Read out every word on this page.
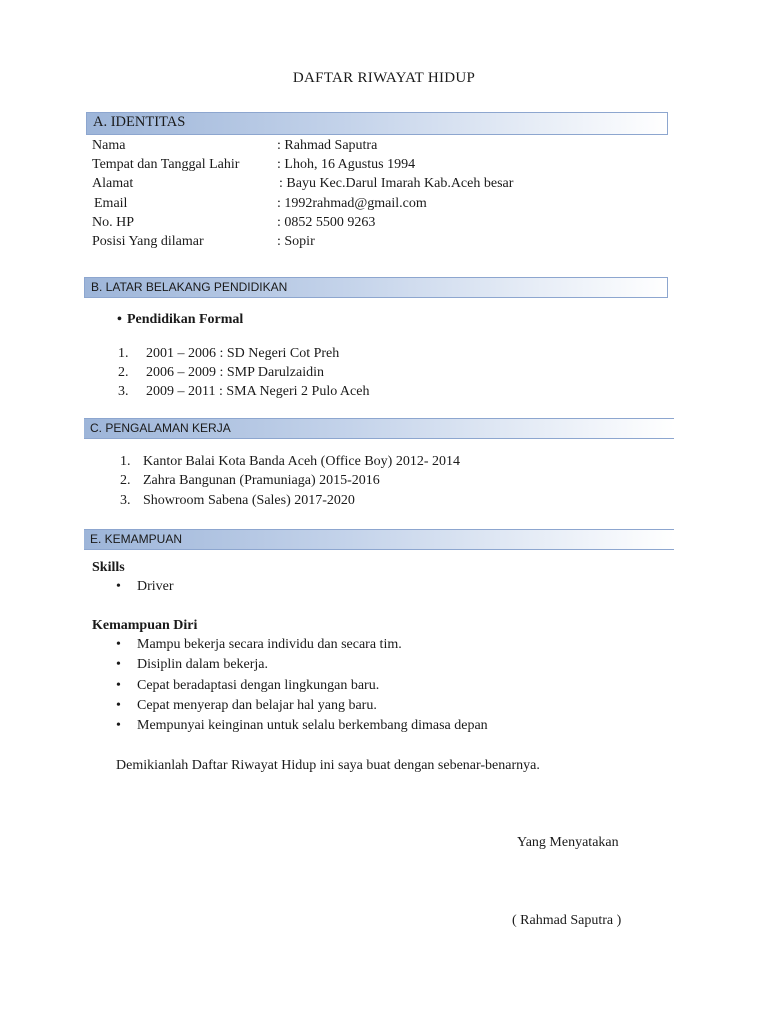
DAFTAR RIWAYAT HIDUP
A. IDENTITAS
Nama	: Rahmad Saputra
Tempat dan Tanggal Lahir	: Lhoh, 16 Agustus 1994
Alamat	: Bayu Kec.Darul Imarah Kab.Aceh besar
Email	: 1992rahmad@gmail.com
No. HP	: 0852 5500 9263
Posisi Yang dilamar	: Sopir
B. LATAR BELAKANG PENDIDIKAN
• Pendidikan Formal
1. 2001 – 2006 : SD Negeri Cot Preh
2. 2006 – 2009 : SMP Darulzaidin
3. 2009 – 2011 : SMA Negeri 2 Pulo Aceh
C. PENGALAMAN KERJA
1. Kantor Balai Kota Banda Aceh (Office Boy) 2012- 2014
2. Zahra Bangunan (Pramuniaga) 2015-2016
3. Showroom Sabena (Sales) 2017-2020
E. KEMAMPUAN
Skills
• Driver
Kemampuan Diri
• Mampu bekerja secara individu dan secara tim.
• Disiplin dalam bekerja.
• Cepat beradaptasi dengan lingkungan baru.
• Cepat menyerap dan belajar hal yang baru.
• Mempunyai keinginan untuk selalu berkembang dimasa depan
Demikianlah Daftar Riwayat Hidup ini saya buat dengan sebenar-benarnya.
Yang Menyatakan
( Rahmad Saputra )
